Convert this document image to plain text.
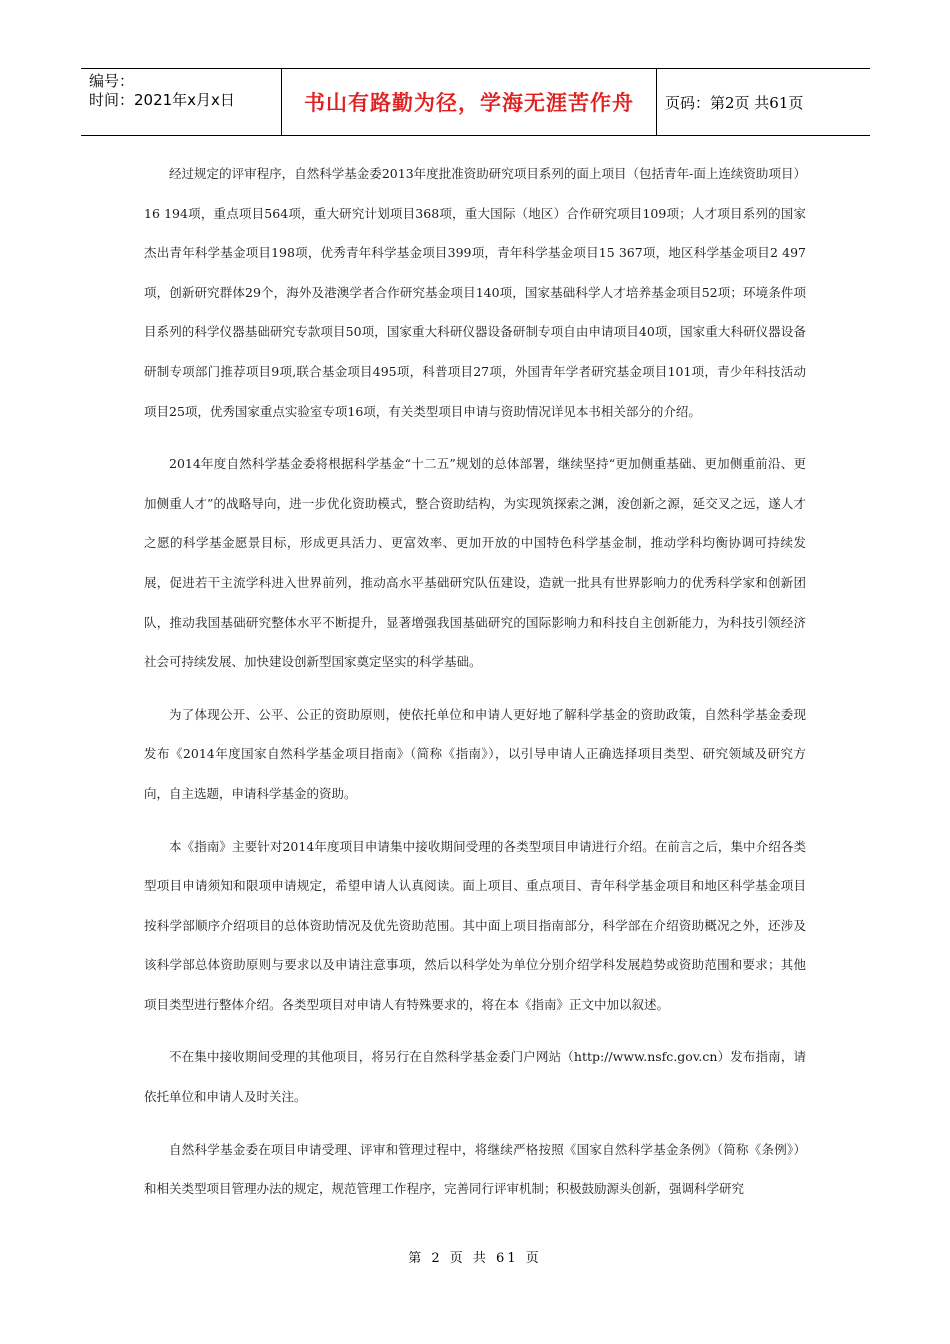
编号：
时间：2021年x月x日	书山有路勤为径，学海无涯苦作舟	页码：第2页 共61页

经过规定的评审程序，自然科学基金委2013年度批准资助研究项目系列的面上项目（包括青年-面上连续资助项目）16 194项，重点项目564项，重大研究计划项目368项，重大国际（地区）合作研究项目109项；人才项目系列的国家杰出青年科学基金项目198项，优秀青年科学基金项目399项，青年科学基金项目15 367项，地区科学基金项目2 497项，创新研究群体29个，海外及港澳学者合作研究基金项目140项，国家基础科学人才培养基金项目52项；环境条件项目系列的科学仪器基础研究专款项目50项，国家重大科研仪器设备研制专项自由申请项目40项，国家重大科研仪器设备研制专项部门推荐项目9项,联合基金项目495项，科普项目27项，外国青年学者研究基金项目101项，青少年科技活动项目25项，优秀国家重点实验室专项16项，有关类型项目申请与资助情况详见本书相关部分的介绍。

2014年度自然科学基金委将根据科学基金“十二五”规划的总体部署，继续坚持“更加侧重基础、更加侧重前沿、更加侧重人才”的战略导向，进一步优化资助模式，整合资助结构，为实现筑探索之渊，浚创新之源，延交叉之远，遂人才之愿的科学基金愿景目标，形成更具活力、更富效率、更加开放的中国特色科学基金制，推动学科均衡协调可持续发展，促进若干主流学科进入世界前列，推动高水平基础研究队伍建设，造就一批具有世界影响力的优秀科学家和创新团队，推动我国基础研究整体水平不断提升，显著增强我国基础研究的国际影响力和科技自主创新能力，为科技引领经济社会可持续发展、加快建设创新型国家奠定坚实的科学基础。

为了体现公开、公平、公正的资助原则，使依托单位和申请人更好地了解科学基金的资助政策，自然科学基金委现发布《2014年度国家自然科学基金项目指南》（简称《指南》），以引导申请人正确选择项目类型、研究领域及研究方向，自主选题，申请科学基金的资助。

本《指南》主要针对2014年度项目申请集中接收期间受理的各类型项目申请进行介绍。在前言之后，集中介绍各类型项目申请须知和限项申请规定，希望申请人认真阅读。面上项目、重点项目、青年科学基金项目和地区科学基金项目按科学部顺序介绍项目的总体资助情况及优先资助范围。其中面上项目指南部分，科学部在介绍资助概况之外，还涉及该科学部总体资助原则与要求以及申请注意事项，然后以科学处为单位分别介绍学科发展趋势或资助范围和要求；其他项目类型进行整体介绍。各类型项目对申请人有特殊要求的，将在本《指南》正文中加以叙述。

不在集中接收期间受理的其他项目，将另行在自然科学基金委门户网站（http://www.nsfc.gov.cn）发布指南，请依托单位和申请人及时关注。

自然科学基金委在项目申请受理、评审和管理过程中，将继续严格按照《国家自然科学基金条例》（简称《条例》）和相关类型项目管理办法的规定，规范管理工作程序，完善同行评审机制；积极鼓励源头创新，强调科学研究

第 2 页 共 61 页
